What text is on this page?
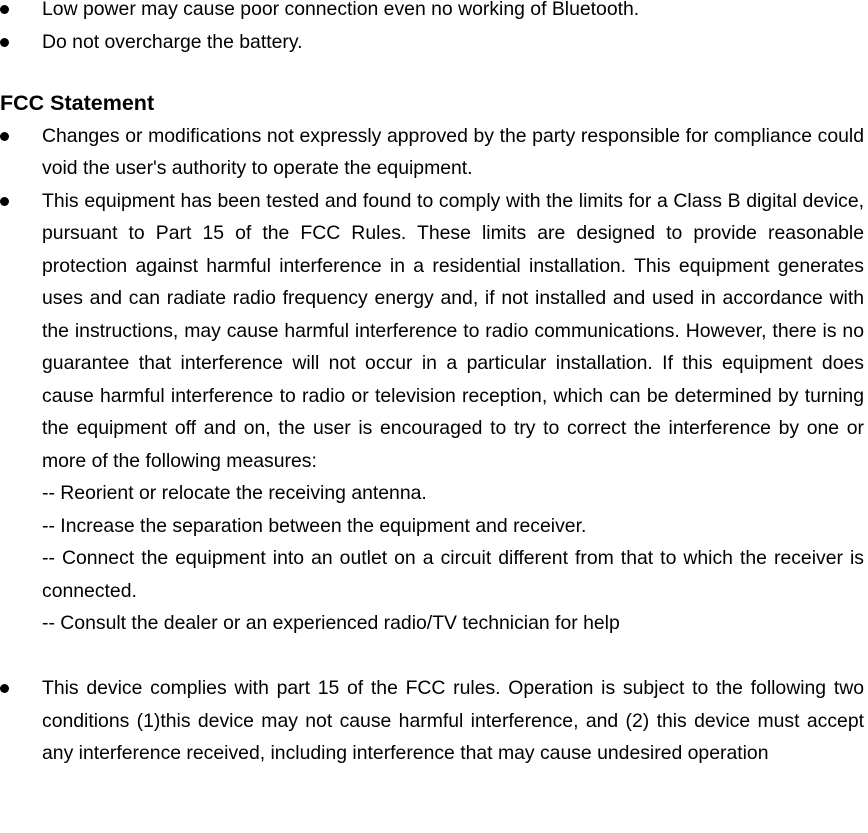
Low power may cause poor connection even no working of Bluetooth.
Do not overcharge the battery.
FCC Statement
Changes or modifications not expressly approved by the party responsible for compliance could void the user's authority to operate the equipment.
This equipment has been tested and found to comply with the limits for a Class B digital device, pursuant to Part 15 of the FCC Rules. These limits are designed to provide reasonable protection against harmful interference in a residential installation. This equipment generates uses and can radiate radio frequency energy and, if not installed and used in accordance with the instructions, may cause harmful interference to radio communications. However, there is no guarantee that interference will not occur in a particular installation. If this equipment does cause harmful interference to radio or television reception, which can be determined by turning the equipment off and on, the user is encouraged to try to correct the interference by one or more of the following measures:
-- Reorient or relocate the receiving antenna.
-- Increase the separation between the equipment and receiver.
-- Connect the equipment into an outlet on a circuit different from that to which the receiver is connected.
-- Consult the dealer or an experienced radio/TV technician for help
This device complies with part 15 of the FCC rules. Operation is subject to the following two conditions (1)this device may not cause harmful interference, and (2) this device must accept any interference received, including interference that may cause undesired operation
